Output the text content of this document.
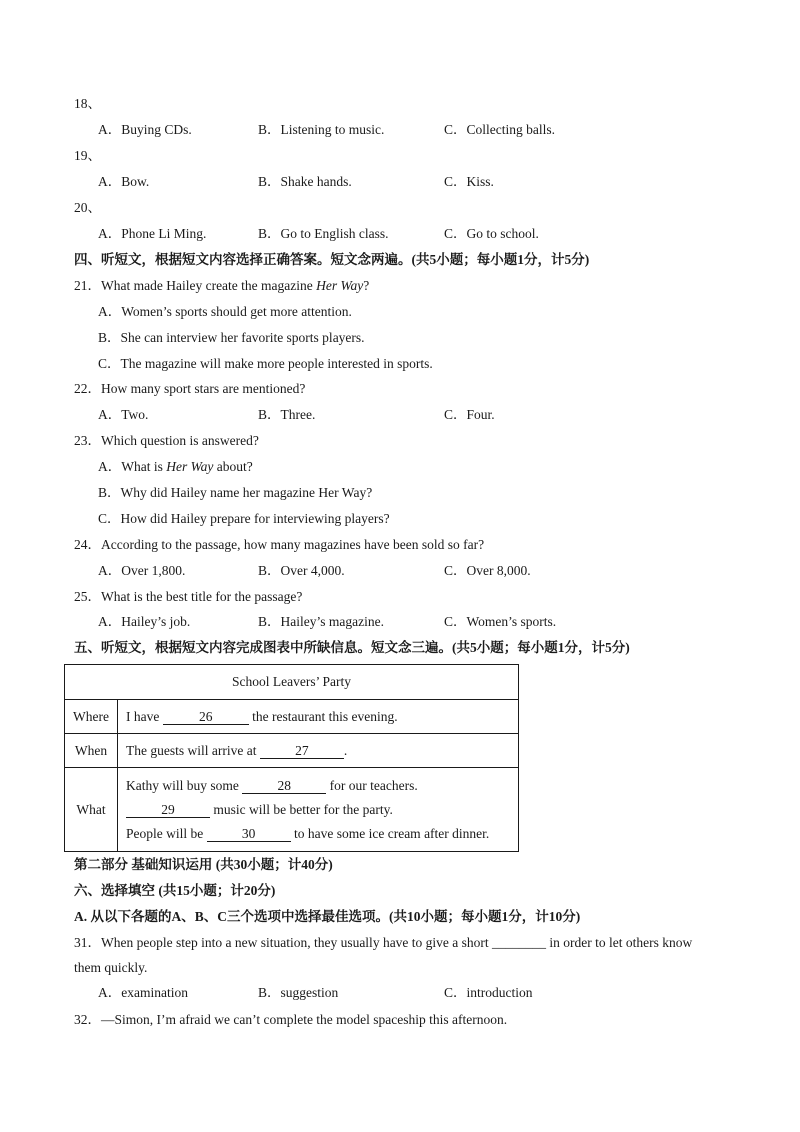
18、
A．Buying CDs.	B．Listening to music.	C．Collecting balls.
19、
A．Bow.	B．Shake hands.	C．Kiss.
20、
A．Phone Li Ming.	B．Go to English class.	C．Go to school.
四、听短文，根据短文内容选择正确答案。短文念两遍。(共5小题；每小题1分，计5分)
21．What made Hailey create the magazine Her Way?
A．Women’s sports should get more attention.
B．She can interview her favorite sports players.
C．The magazine will make more people interested in sports.
22．How many sport stars are mentioned?
A．Two.	B．Three.	C．Four.
23．Which question is answered?
A．What is Her Way about?
B．Why did Hailey name her magazine Her Way?
C．How did Hailey prepare for interviewing players?
24．According to the passage, how many magazines have been sold so far?
A．Over 1,800.	B．Over 4,000.	C．Over 8,000.
25．What is the best title for the passage?
A．Hailey’s job.	B．Hailey’s magazine.	C．Women’s sports.
五、听短文，根据短文内容完成图表中所缺信息。短文念三遍。(共5小题；每小题1分，计5分)
School Leavers’ Party	
Where	I have 26 the restaurant this evening.
When	The guests will arrive at 27 .
What	Kathy will buy some 28 for our teachers.
29 music will be better for the party.
People will be 30 to have some ice cream after dinner.
第二部分 基础知识运用 (共30小题；计40分)
六、选择填空 (共15小题；计20分)
A. 从以下各题的A、B、C三个选项中选择最佳选项。(共10小题；每小题1分，计10分)
31．When people step into a new situation, they usually have to give a short ________ in order to let others know
them quickly.
A．examination	B．suggestion	C．introduction
32．—Simon, I’m afraid we can’t complete the model spaceship this afternoon.
